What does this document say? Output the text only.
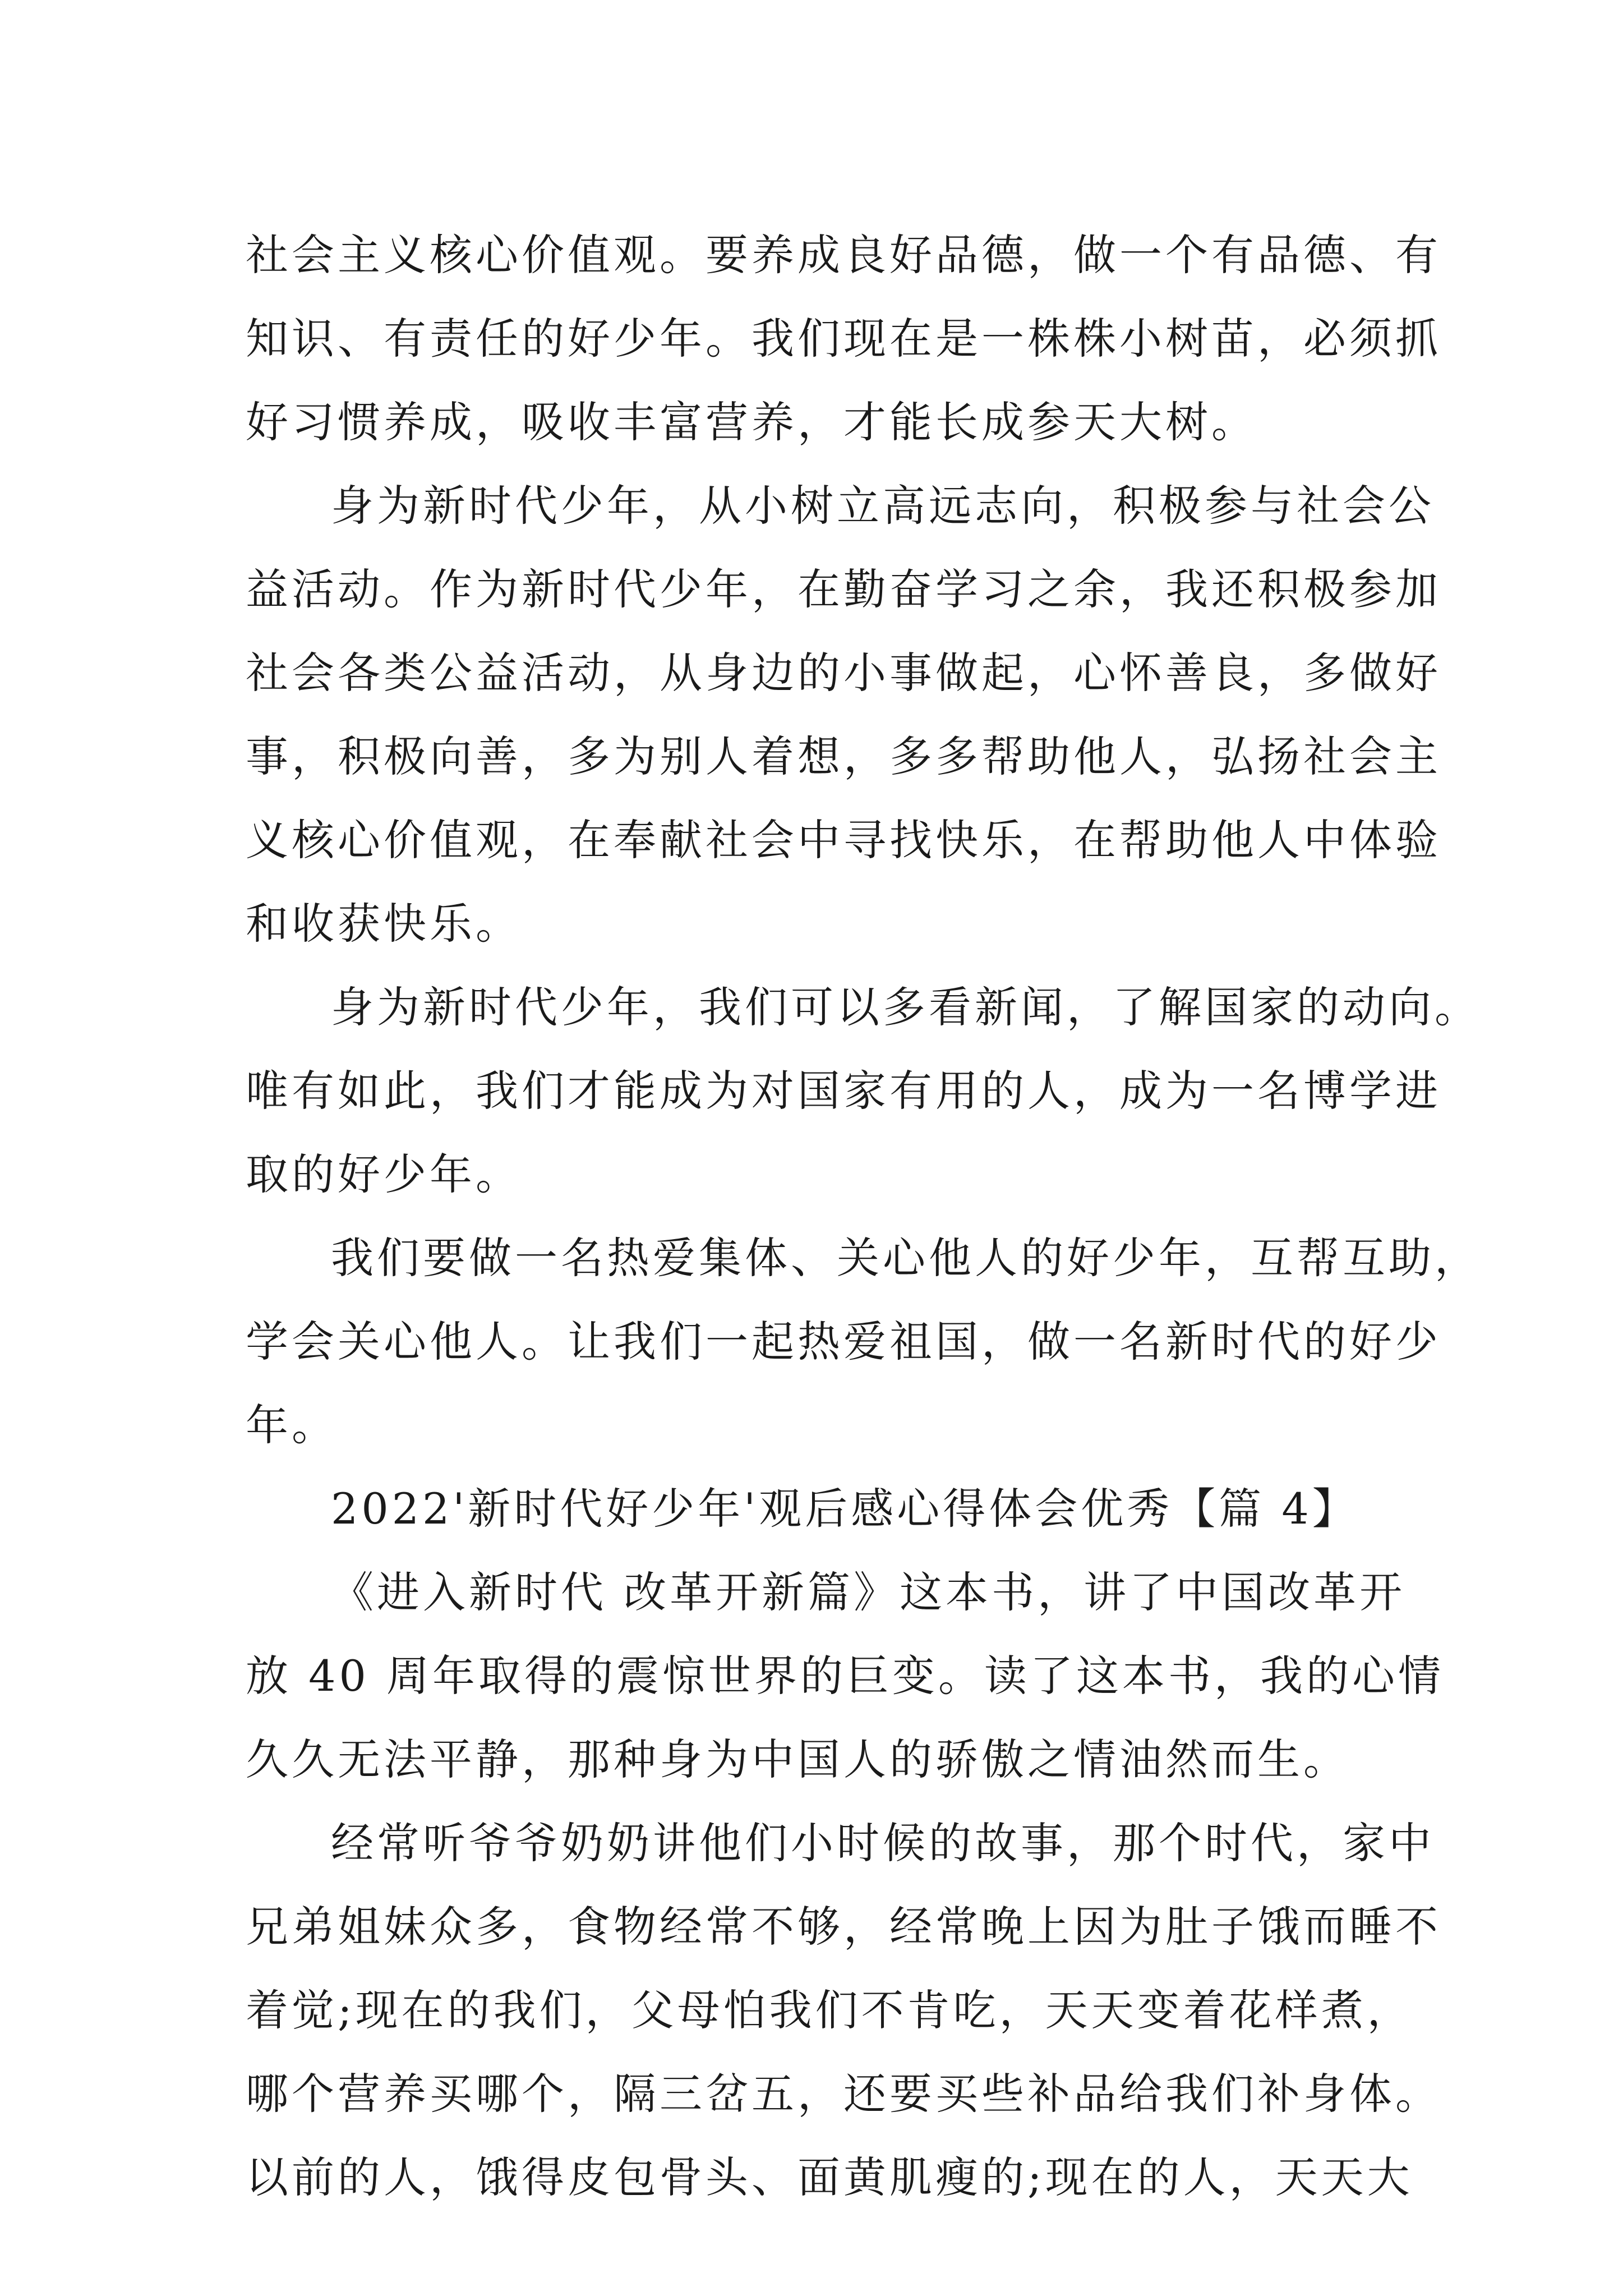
社会主义核心价值观。要养成良好品德，做一个有品德、有
知识、有责任的好少年。我们现在是一株株小树苗，必须抓
好习惯养成，吸收丰富营养，才能长成参天大树。
身为新时代少年，从小树立高远志向，积极参与社会公
益活动。作为新时代少年，在勤奋学习之余，我还积极参加
社会各类公益活动，从身边的小事做起，心怀善良，多做好
事，积极向善，多为别人着想，多多帮助他人，弘扬社会主
义核心价值观，在奉献社会中寻找快乐，在帮助他人中体验
和收获快乐。
身为新时代少年，我们可以多看新闻，了解国家的动向。
唯有如此，我们才能成为对国家有用的人，成为一名博学进
取的好少年。
我们要做一名热爱集体、关心他人的好少年，互帮互助，
学会关心他人。让我们一起热爱祖国，做一名新时代的好少
年。
2022'新时代好少年'观后感心得体会优秀【篇 4】
《进入新时代 改革开新篇》这本书，讲了中国改革开
放 40 周年取得的震惊世界的巨变。读了这本书，我的心情
久久无法平静，那种身为中国人的骄傲之情油然而生。
经常听爷爷奶奶讲他们小时候的故事，那个时代，家中
兄弟姐妹众多，食物经常不够，经常晚上因为肚子饿而睡不
着觉;现在的我们，父母怕我们不肯吃，天天变着花样煮，
哪个营养买哪个，隔三岔五，还要买些补品给我们补身体。
以前的人，饿得皮包骨头、面黄肌瘦的;现在的人，天天大
